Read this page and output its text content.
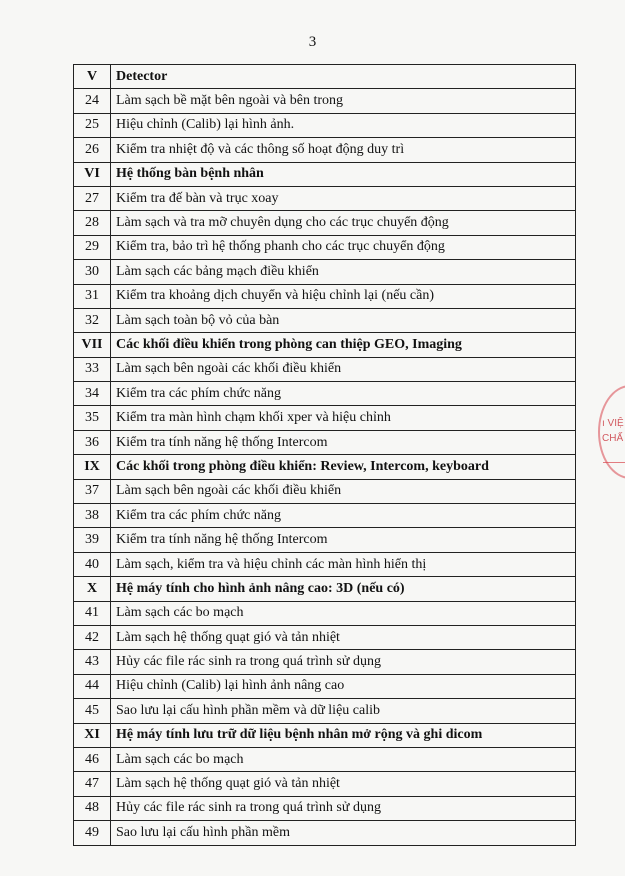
3
V	Detector
24	Làm sạch bề mặt bên ngoài và bên trong
25	Hiệu chỉnh (Calib) lại hình ảnh.
26	Kiểm tra nhiệt độ và các thông số hoạt động duy trì
VI	Hệ thống bàn bệnh nhân
27	Kiểm tra đế bàn và trục xoay
28	Làm sạch và tra mỡ chuyên dụng cho các trục chuyển động
29	Kiểm tra, bảo trì hệ thống phanh cho các trục chuyển động
30	Làm sạch các bảng mạch điều khiển
31	Kiểm tra khoảng dịch chuyển và hiệu chỉnh lại (nếu cần)
32	Làm sạch toàn bộ vỏ của bàn
VII	Các khối điều khiển trong phòng can thiệp GEO, Imaging
33	Làm sạch bên ngoài các khối điều khiển
34	Kiểm tra các phím chức năng
35	Kiểm tra màn hình chạm khối xper và hiệu chỉnh
36	Kiểm tra tính năng hệ thống Intercom
IX	Các khối trong phòng điều khiển: Review, Intercom, keyboard
37	Làm sạch bên ngoài các khối điều khiển
38	Kiểm tra các phím chức năng
39	Kiểm tra tính năng hệ thống Intercom
40	Làm sạch, kiểm tra và hiệu chỉnh các màn hình hiển thị
X	Hệ máy tính cho hình ảnh nâng cao: 3D (nếu có)
41	Làm sạch các bo mạch
42	Làm sạch hệ thống quạt gió và tản nhiệt
43	Hủy các file rác sinh ra trong quá trình sử dụng
44	Hiệu chỉnh (Calib) lại hình ảnh nâng cao
45	Sao lưu lại cấu hình phần mềm và dữ liệu calib
XI	Hệ máy tính lưu trữ dữ liệu bệnh nhân mở rộng và ghi dicom
46	Làm sạch các bo mạch
47	Làm sạch hệ thống quạt gió và tản nhiệt
48	Hủy các file rác sinh ra trong quá trình sử dụng
49	Sao lưu lại cấu hình phần mềm
ı VIỆ
CHẤ
